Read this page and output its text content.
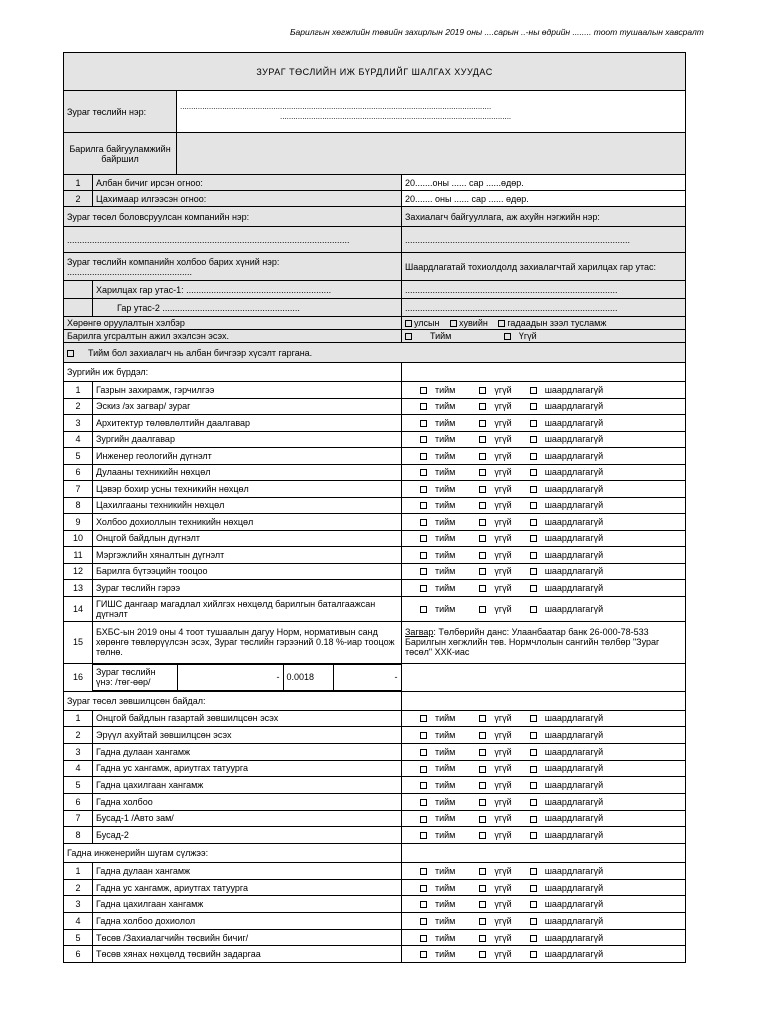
Барилгын хөгжлийн төвийн захирлын 2019 оны ....сарын ..-ны өдрийн ........ тоот тушаалын хавсралт
ЗУРАГ ТӨСЛИЙН ИЖ БҮРДЛИЙГ ШАЛГАХ ХУУДАС
Зураг төслийн нэр:	
............................................................................................................................................
........................................................................................................

Барилга байгууламжийн байршил	
1	Албан бичиг ирсэн огноо:	20.......оны ...... сар ......өдөр.
2	Цахимаар илгээсэн огноо:	20....... оны ...... сар ...... өдөр.
Зураг төсөл боловсруулсан компанийн нэр:	Захиалагч байгууллага, аж ахуйн нэгжийн нэр:
.................................................................................................................	..........................................................................................
Зураг төслийн компанийн холбоо барих хүний нэр: ..................................................	Шаардлагатай тохиолдолд захиалагчтай харилцах гар утас:
	Харилцах гар утас-1: ..........................................................	.....................................................................................
	Гар утас-2 .......................................................	.....................................................................................
Хөрөнгө оруулалтын хэлбэр	улсын хувийн гадаадын зээл тусламж
Барилга угсралтын ажил эхэлсэн эсэх.	Тийм	Үгүй
Тийм бол захиалагч нь албан бичгээр хүсэлт гаргана.
Зургийн иж бүрдэл:	
1	Газрын захирамж, гэрчилгээ	тийм	үгүй	шаардлагагүй
2	Эскиз /эх загвар/ зураг	тийм	үгүй	шаардлагагүй
3	Архитектур төлөвлөлтийн даалгавар	тийм	үгүй	шаардлагагүй
4	Зургийн даалгавар	тийм	үгүй	шаардлагагүй
5	Инженер геологийн дүгнэлт	тийм	үгүй	шаардлагагүй
6	Дулааны техникийн нөхцөл	тийм	үгүй	шаардлагагүй
7	Цэвэр бохир усны техникийн нөхцөл	тийм	үгүй	шаардлагагүй
8	Цахилгааны техникийн нөхцөл	тийм	үгүй	шаардлагагүй
9	Холбоо дохиоллын техникийн нөхцөл	тийм	үгүй	шаардлагагүй
10	Онцгой байдлын дүгнэлт	тийм	үгүй	шаардлагагүй
11	Мэргэжлийн хяналтын дүгнэлт	тийм	үгүй	шаардлагагүй
12	Барилга бүтээцийн тооцоо	тийм	үгүй	шаардлагагүй
13	Зураг төслийн гэрээ	тийм	үгүй	шаардлагагүй
14	ГИШС дангаар магадлал хийлгэх нөхцөлд барилгын баталгаажсан дүгнэлт	тийм	үгүй	шаардлагагүй
15	БХБС-ын 2019 оны 4 тоот тушаалын дагуу Норм, нормативын санд хөрөнгө төвлөрүүлсэн эсэх, Зураг төслийн гэрээний 0.18 %-иар тооцож төлнө.	Загвар: Төлбөрийн данс: Улаанбаатар банк 26-000-78-533 Барилгын хөгжлийн төв. Нормчлолын сангийн төлбөр "Зураг төсөл" ХХК-иас
16	Зураг төслийн үнэ: /төг-өөр/	-	0.0018	-

Зураг төсөл зөвшилцсөн байдал:	
1	Онцгой байдлын газартай зөвшилцсөн эсэх	тийм	үгүй	шаардлагагүй
2	Эрүүл ахуйтай зөвшилцсөн эсэх	тийм	үгүй	шаардлагагүй
3	Гадна дулаан хангамж	тийм	үгүй	шаардлагагүй
4	Гадна ус хангамж, ариутгах татуурга	тийм	үгүй	шаардлагагүй
5	Гадна цахилгаан хангамж	тийм	үгүй	шаардлагагүй
6	Гадна холбоо	тийм	үгүй	шаардлагагүй
7	Бусад-1 /Авто зам/	тийм	үгүй	шаардлагагүй
8	Бусад-2	тийм	үгүй	шаардлагагүй
Гадна инженерийн шугам сүлжээ:	
1	Гадна дулаан хангамж	тийм	үгүй	шаардлагагүй
2	Гадна ус хангамж, ариутгах татуурга	тийм	үгүй	шаардлагагүй
3	Гадна цахилгаан хангамж	тийм	үгүй	шаардлагагүй
4	Гадна холбоо дохиолол	тийм	үгүй	шаардлагагүй
5	Төсөв /Захиалагчийн төсвийн бичиг/	тийм	үгүй	шаардлагагүй
6	Төсөв хянах нөхцөлд төсвийн задаргаа	тийм	үгүй	шаардлагагүй
